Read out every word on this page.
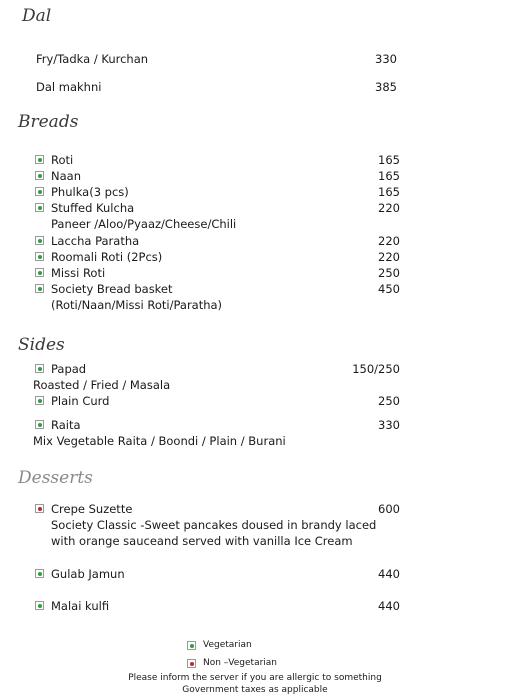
Dal
Fry/Tadka / Kurchan	330
Dal makhni	385
Breads
Roti	165
Naan	165
Phulka(3 pcs)	165
Stuffed Kulcha	220
Paneer /Aloo/Pyaaz/Cheese/Chili
Laccha Paratha	220
Roomali Roti (2Pcs)	220
Missi Roti	250
Society Bread basket	450
(Roti/Naan/Missi Roti/Paratha)
Sides
Papad	150/250
Roasted / Fried / Masala
Plain Curd	250
Raita	330
Mix Vegetable Raita / Boondi / Plain / Burani
Desserts
Crepe Suzette	600
Society Classic -Sweet pancakes doused in brandy laced
with orange sauceand served with vanilla Ice Cream
Gulab Jamun	440
Malai kulfi	440
Vegetarian
Non –Vegetarian
Please inform the server if you are allergic to something
Government taxes as applicable
